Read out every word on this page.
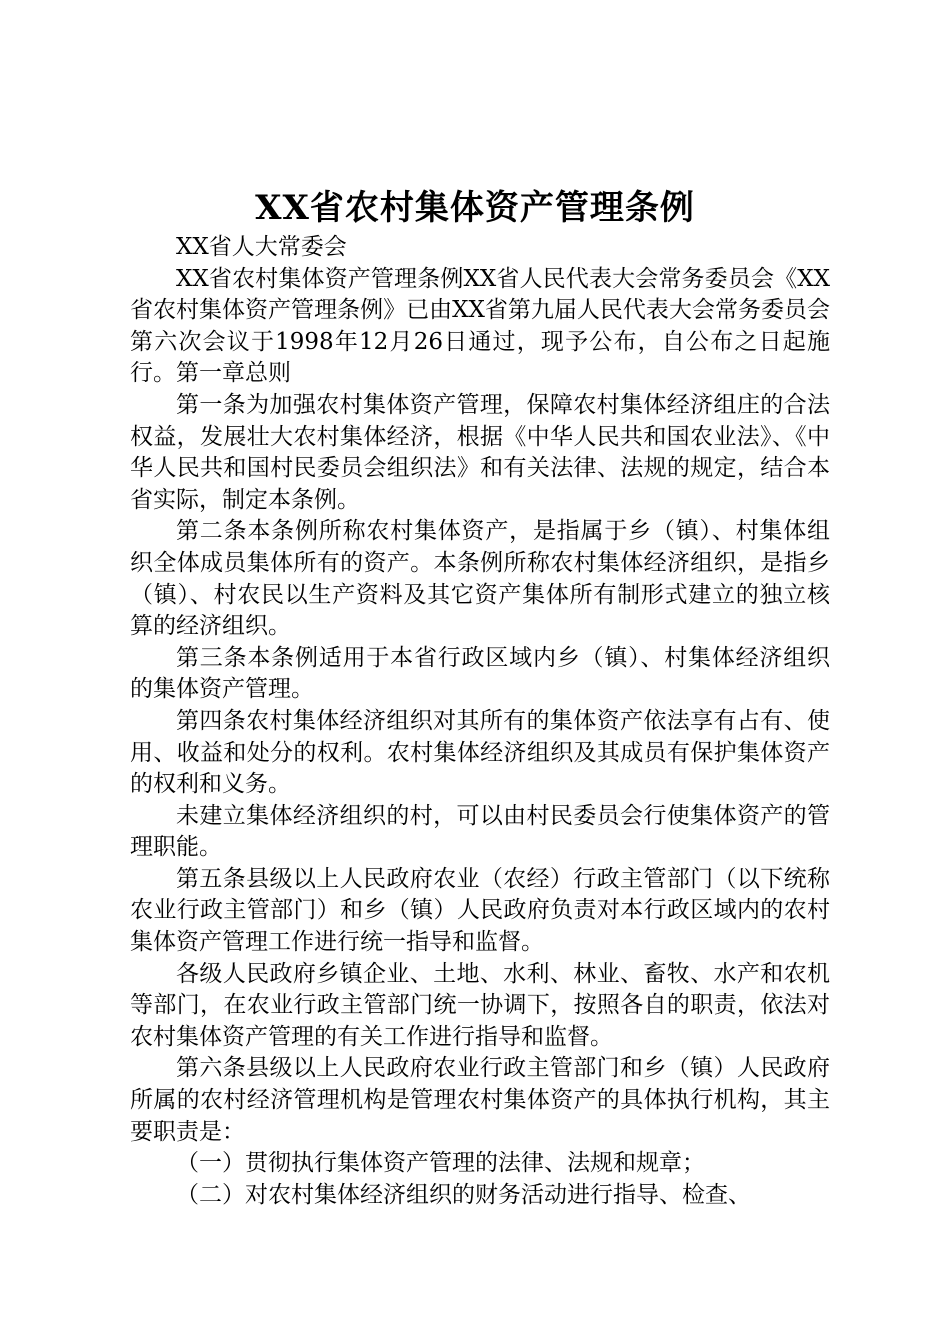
XX省农村集体资产管理条例

XX省人大常委会

XX省农村集体资产管理条例XX省人民代表大会常务委员会《XX省农村集体资产管理条例》已由XX省第九届人民代表大会常务委员会第六次会议于1998年12月26日通过，现予公布，自公布之日起施行。第一章总则

第一条为加强农村集体资产管理，保障农村集体经济组庄的合法权益，发展壮大农村集体经济，根据《中华人民共和国农业法》、《中华人民共和国村民委员会组织法》和有关法律、法规的规定，结合本省实际，制定本条例。

第二条本条例所称农村集体资产，是指属于乡（镇）、村集体组织全体成员集体所有的资产。本条例所称农村集体经济组织，是指乡（镇）、村农民以生产资料及其它资产集体所有制形式建立的独立核算的经济组织。

第三条本条例适用于本省行政区域内乡（镇）、村集体经济组织的集体资产管理。

第四条农村集体经济组织对其所有的集体资产依法享有占有、使用、收益和处分的权利。农村集体经济组织及其成员有保护集体资产的权利和义务。

未建立集体经济组织的村，可以由村民委员会行使集体资产的管理职能。

第五条县级以上人民政府农业（农经）行政主管部门（以下统称农业行政主管部门）和乡（镇）人民政府负责对本行政区域内的农村集体资产管理工作进行统一指导和监督。

各级人民政府乡镇企业、土地、水利、林业、畜牧、水产和农机等部门，在农业行政主管部门统一协调下，按照各自的职责，依法对农村集体资产管理的有关工作进行指导和监督。

第六条县级以上人民政府农业行政主管部门和乡（镇）人民政府所属的农村经济管理机构是管理农村集体资产的具体执行机构，其主要职责是：

（一）贯彻执行集体资产管理的法律、法规和规章；

（二）对农村集体经济组织的财务活动进行指导、检查、
